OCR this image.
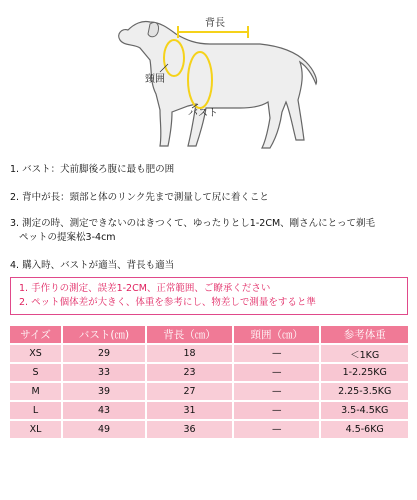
背長
頸囲
バスト

1. バスト：犬前脚後ろ腹に最も肥の囲

2. 背中が長：頸部と体のリンク先まで測量して尻に着くこと

3. 測定の時、測定できないのはきつくて、ゆったりとし1-2CM、剛さんにとって剃毛

ペットの提案松3-4cm

4. 購入時、バストが適当、背長も適当

1. 手作りの測定、誤差1-2CM、正常範囲、ご瞭承ください
2. ペット個体差が大きく、体重を参考にし、物差しで測量をすると準
サイズ	バスト(㎝)	背長（㎝）	頸囲（㎝）	参考体重
XS	29	18	—	＜1KG
S	33	23	—	1-2.25KG
M	39	27	—	2.25-3.5KG
L	43	31	—	3.5-4.5KG
XL	49	36	—	4.5-6KG
